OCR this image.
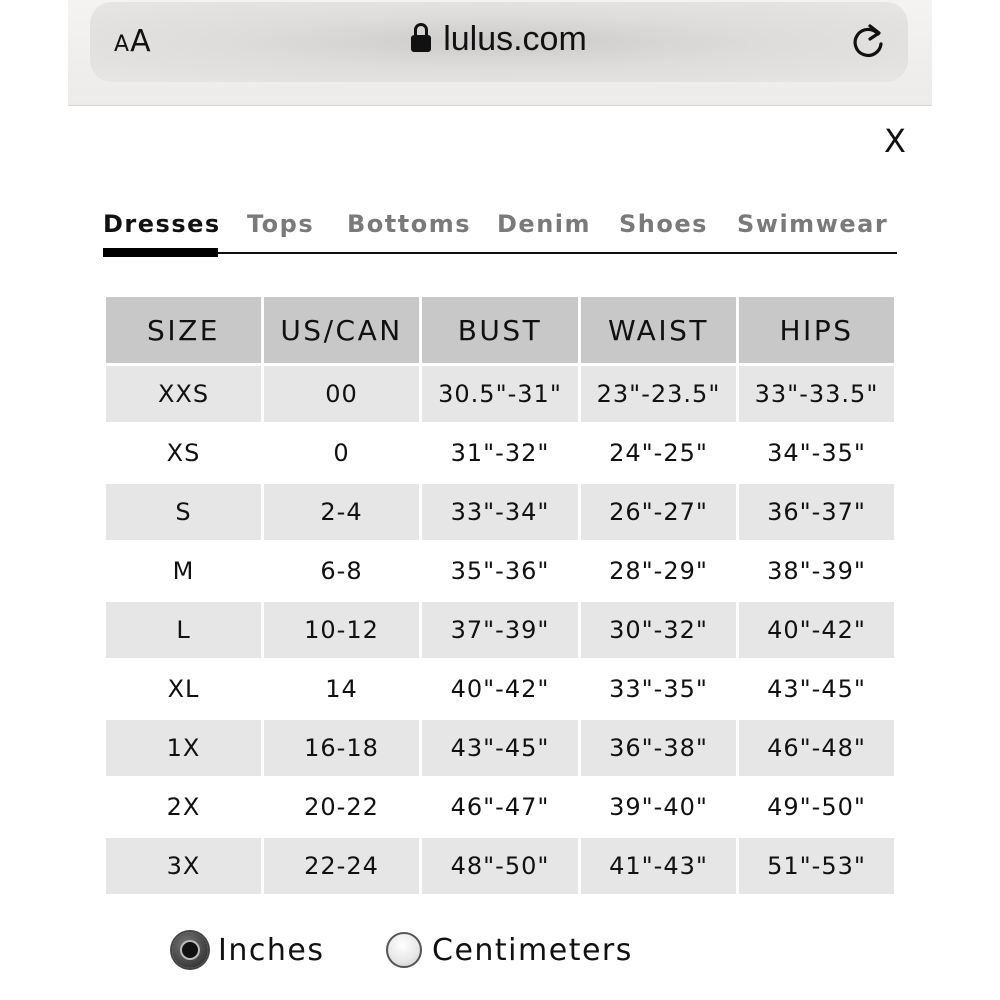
AA	lulus.com
X
Dresses Tops Bottoms Denim Shoes Swimwear
SIZE	US/CAN	BUST	WAIST	HIPS
XXS	00	30.5"-31"	23"-23.5"	33"-33.5"
XS	0	31"-32"	24"-25"	34"-35"
S	2-4	33"-34"	26"-27"	36"-37"
M	6-8	35"-36"	28"-29"	38"-39"
L	10-12	37"-39"	30"-32"	40"-42"
XL	14	40"-42"	33"-35"	43"-45"
1X	16-18	43"-45"	36"-38"	46"-48"
2X	20-22	46"-47"	39"-40"	49"-50"
3X	22-24	48"-50"	41"-43"	51"-53"
Inches	Centimeters
